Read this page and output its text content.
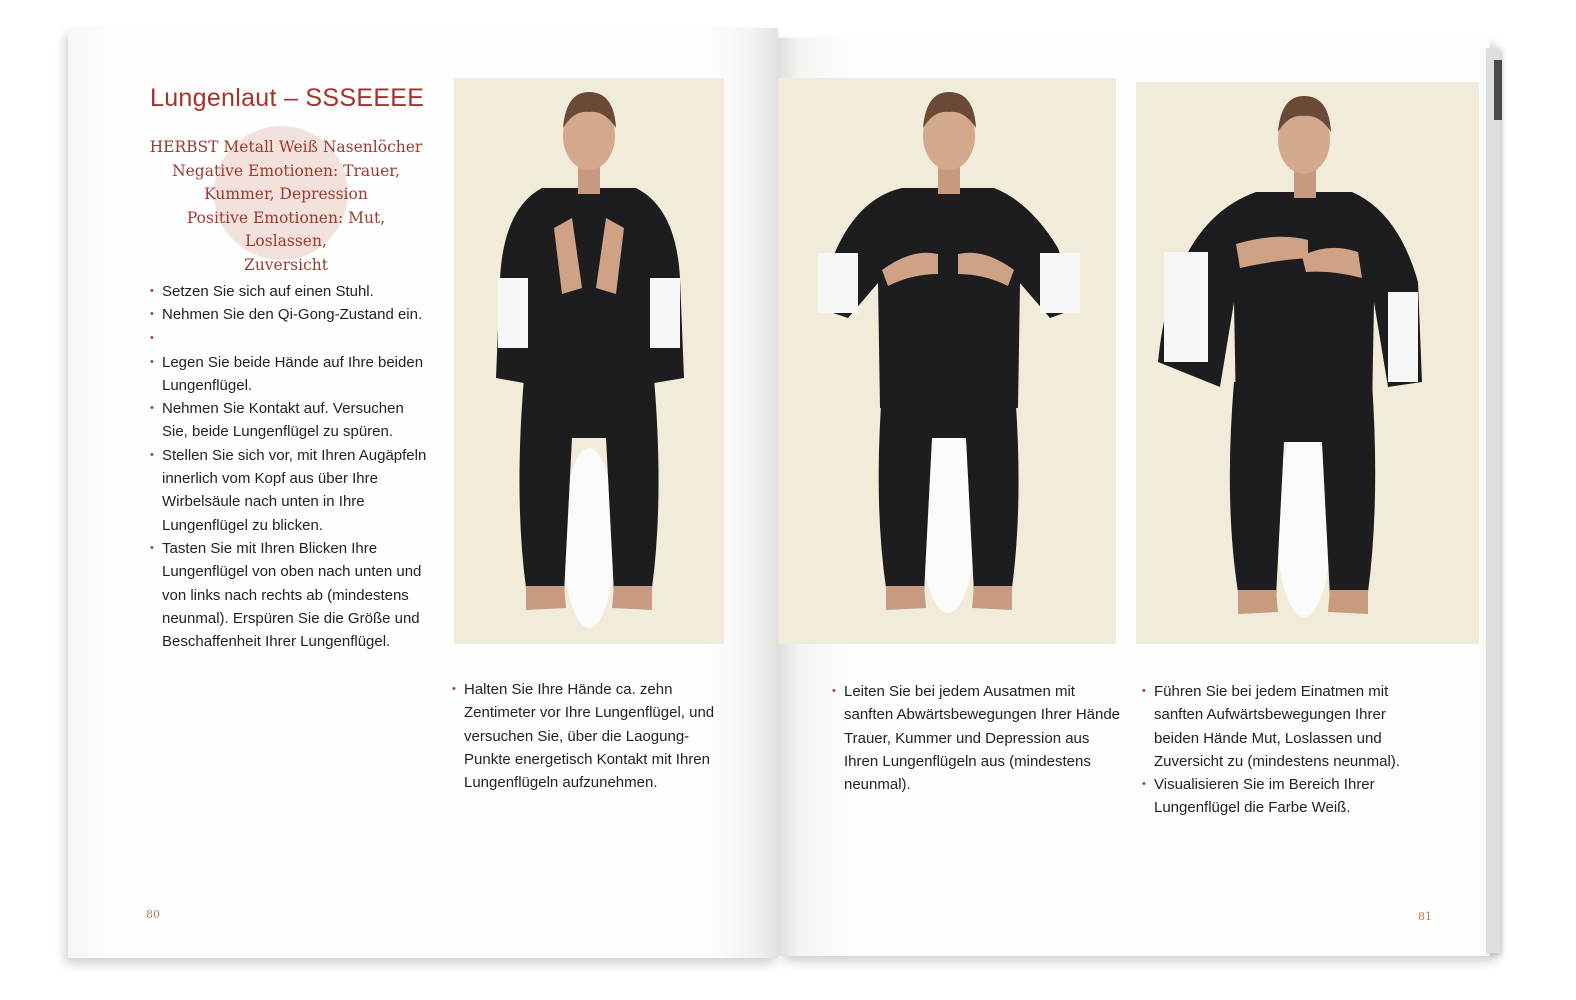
Lungenlaut – SSSEEEE
HERBST Metall Weiß Nasenlöcher
Negative Emotionen: Trauer,
Kummer, Depression
Positive Emotionen: Mut, Loslassen,
Zuversicht
• Setzen Sie sich auf einen Stuhl.
• Nehmen Sie den Qi-Gong-Zustand ein.
•
• Legen Sie beide Hände auf Ihre beiden Lungenflügel.
• Nehmen Sie Kontakt auf. Versuchen Sie, beide Lungenflügel zu spüren.
• Stellen Sie sich vor, mit Ihren Augäpfeln innerlich vom Kopf aus über Ihre Wirbelsäule nach unten in Ihre Lungenflügel zu blicken.
• Tasten Sie mit Ihren Blicken Ihre Lungenflügel von oben nach unten und von links nach rechts ab (mindestens neunmal). Erspüren Sie die Größe und Beschaffenheit Ihrer Lungenflügel.
• Halten Sie Ihre Hände ca. zehn Zentimeter vor Ihre Lungenflügel, und versuchen Sie, über die Laogung-Punkte energetisch Kontakt mit Ihren Lungenflügeln aufzunehmen.
• Leiten Sie bei jedem Ausatmen mit sanften Abwärtsbewegungen Ihrer Hände Trauer, Kummer und Depression aus Ihren Lungenflügeln aus (mindestens neunmal).
• Führen Sie bei jedem Einatmen mit sanften Aufwärtsbewegungen Ihrer beiden Hände Mut, Loslassen und Zuversicht zu (mindestens neunmal).
• Visualisieren Sie im Bereich Ihrer Lungenflügel die Farbe Weiß.
80	81
